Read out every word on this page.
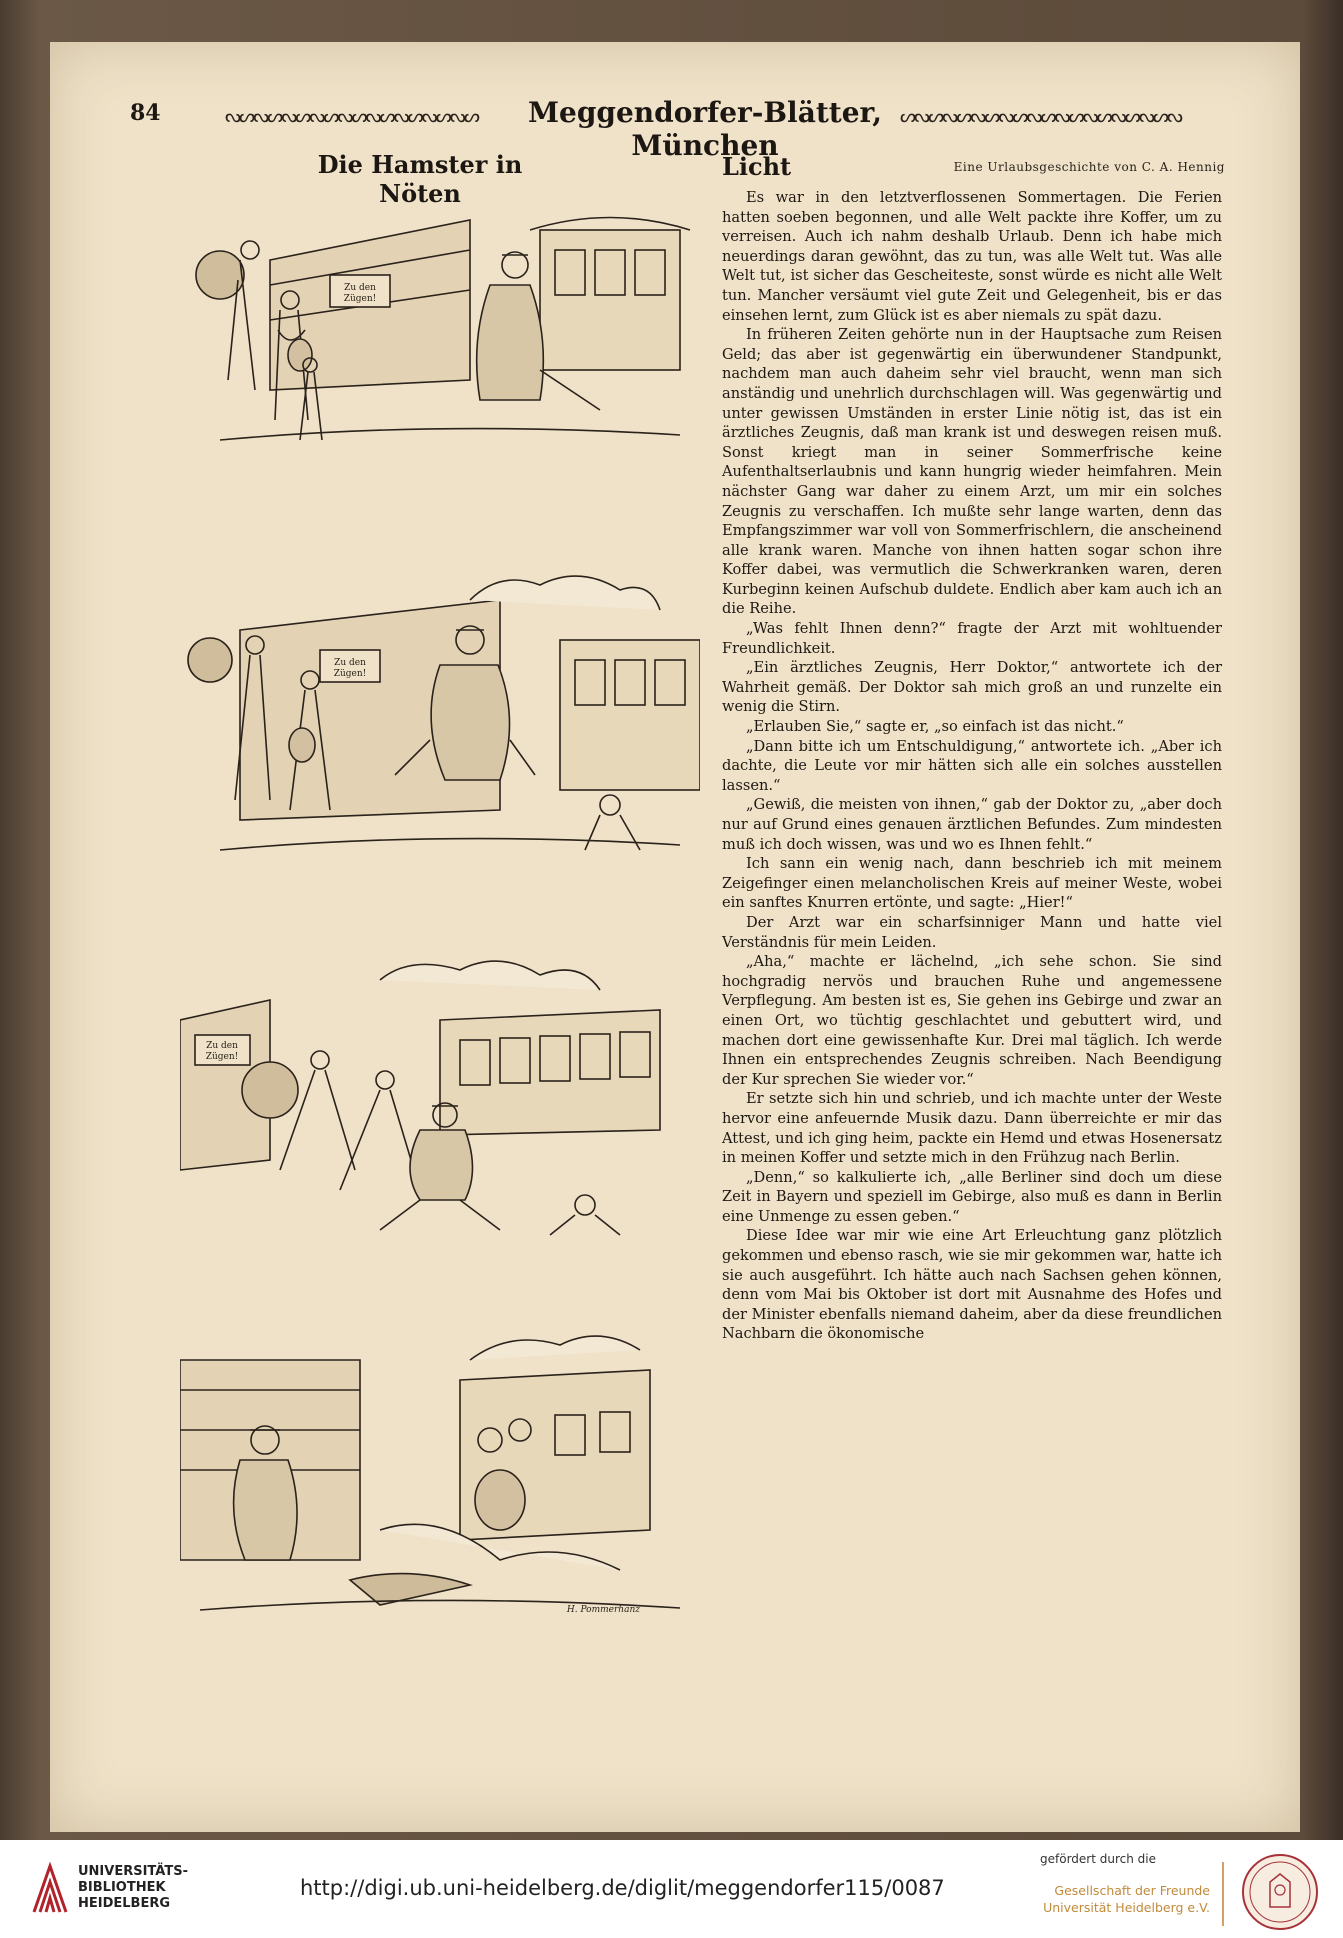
84	ᔓᔕᔓᔕᔓᔕᔓᔕᔓᔕᔓᔕᔓᔕᔓᔕᔓᔕ	Meggendorfer-Blätter, München
ᔕᔓᔕᔓᔕᔓᔕᔓᔕᔓᔕᔓᔕᔓᔕᔓᔕᔓᔕᔓ
Die Hamster in Nöten
Zu den
Zügen!
Zu den
Zügen!
Zu den
Zügen!
H. Pommerhanz
Licht	Eine Urlaubsgeschichte von C. A. Hennig

Es war in den letztverflossenen Sommertagen. Die Ferien hatten soeben begonnen, und alle Welt packte ihre Koffer, um zu verreisen. Auch ich nahm deshalb Urlaub. Denn ich habe mich neuerdings daran gewöhnt, das zu tun, was alle Welt tut. Was alle Welt tut, ist sicher das Gescheiteste, sonst würde es nicht alle Welt tun. Mancher versäumt viel gute Zeit und Gelegenheit, bis er das einsehen lernt, zum Glück ist es aber niemals zu spät dazu.

In früheren Zeiten gehörte nun in der Hauptsache zum Reisen Geld; das aber ist gegenwärtig ein überwundener Standpunkt, nachdem man auch daheim sehr viel braucht, wenn man sich anständig und unehrlich durchschlagen will. Was gegenwärtig und unter gewissen Umständen in erster Linie nötig ist, das ist ein ärztliches Zeugnis, daß man krank ist und deswegen reisen muß. Sonst kriegt man in seiner Sommerfrische keine Aufenthaltserlaubnis und kann hungrig wieder heimfahren. Mein nächster Gang war daher zu einem Arzt, um mir ein solches Zeugnis zu verschaffen. Ich mußte sehr lange warten, denn das Empfangszimmer war voll von Sommerfrischlern, die anscheinend alle krank waren. Manche von ihnen hatten sogar schon ihre Koffer dabei, was vermutlich die Schwerkranken waren, deren Kurbeginn keinen Aufschub duldete. Endlich aber kam auch ich an die Reihe.

„Was fehlt Ihnen denn?“ fragte der Arzt mit wohltuender Freundlichkeit.

„Ein ärztliches Zeugnis, Herr Doktor,“ antwortete ich der Wahrheit gemäß. Der Doktor sah mich groß an und runzelte ein wenig die Stirn.

„Erlauben Sie,“ sagte er, „so einfach ist das nicht.“

„Dann bitte ich um Entschuldigung,“ antwortete ich. „Aber ich dachte, die Leute vor mir hätten sich alle ein solches ausstellen lassen.“

„Gewiß, die meisten von ihnen,“ gab der Doktor zu, „aber doch nur auf Grund eines genauen ärztlichen Befundes. Zum mindesten muß ich doch wissen, was und wo es Ihnen fehlt.“

Ich sann ein wenig nach, dann beschrieb ich mit meinem Zeigefinger einen melancholischen Kreis auf meiner Weste, wobei ein sanftes Knurren ertönte, und sagte: „Hier!“

Der Arzt war ein scharfsinniger Mann und hatte viel Verständnis für mein Leiden.

„Aha,“ machte er lächelnd, „ich sehe schon. Sie sind hochgradig nervös und brauchen Ruhe und angemessene Verpflegung. Am besten ist es, Sie gehen ins Gebirge und zwar an einen Ort, wo tüchtig geschlachtet und gebuttert wird, und machen dort eine gewissenhafte Kur. Drei mal täglich. Ich werde Ihnen ein entsprechendes Zeugnis schreiben. Nach Beendigung der Kur sprechen Sie wieder vor.“

Er setzte sich hin und schrieb, und ich machte unter der Weste hervor eine anfeuernde Musik dazu. Dann überreichte er mir das Attest, und ich ging heim, packte ein Hemd und etwas Hosenersatz in meinen Koffer und setzte mich in den Frühzug nach Berlin.

„Denn,“ so kalkulierte ich, „alle Berliner sind doch um diese Zeit in Bayern und speziell im Gebirge, also muß es dann in Berlin eine Unmenge zu essen geben.“

Diese Idee war mir wie eine Art Erleuchtung ganz plötzlich gekommen und ebenso rasch, wie sie mir gekommen war, hatte ich sie auch ausgeführt. Ich hätte auch nach Sachsen gehen können, denn vom Mai bis Oktober ist dort mit Ausnahme des Hofes und der Minister ebenfalls niemand daheim, aber da diese freundlichen Nachbarn die ökonomische

UNIVERSITÄTS-
BIBLIOTHEK
HEIDELBERG
http://digi.ub.uni-heidelberg.de/diglit/meggendorfer115/0087
gefördert durch die
Gesellschaft der Freunde
Universität Heidelberg e.V.
